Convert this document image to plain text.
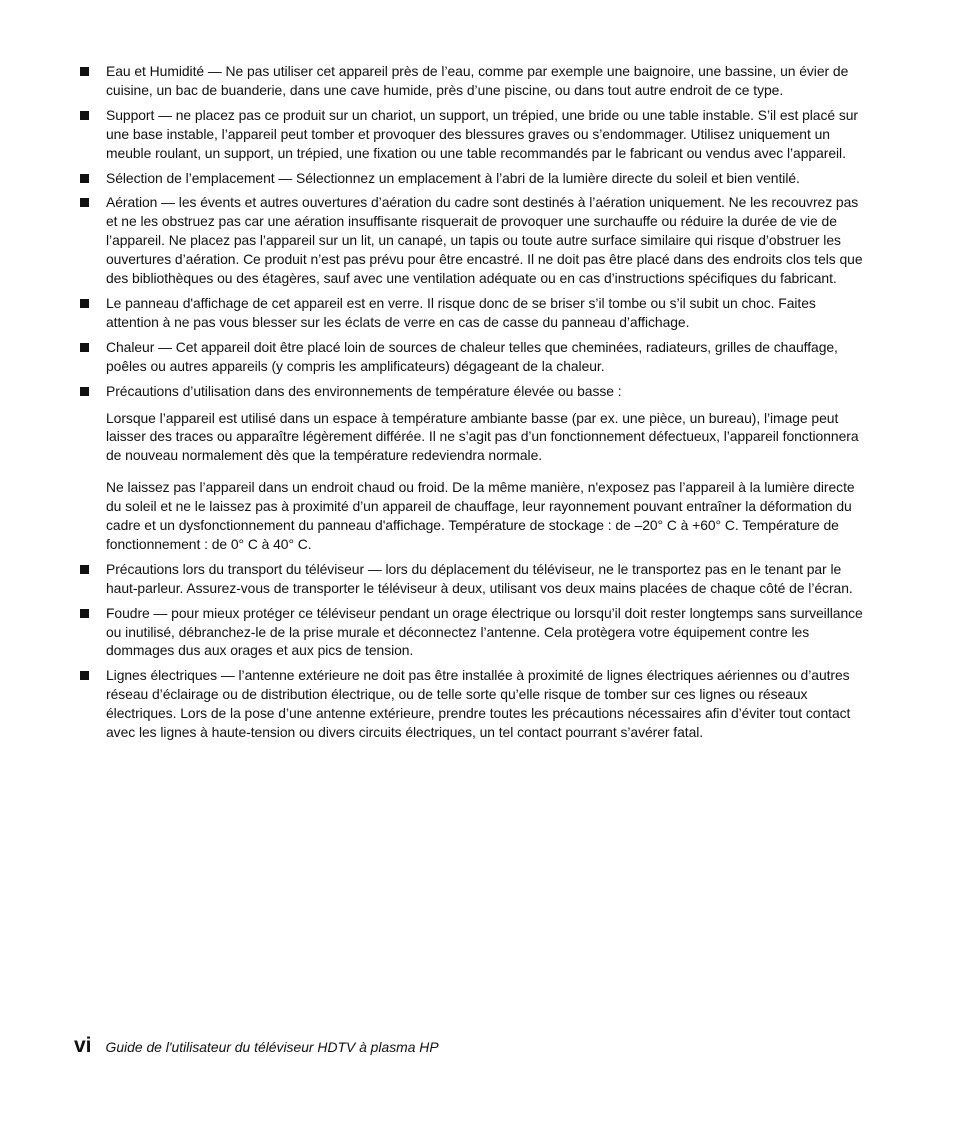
Eau et Humidité — Ne pas utiliser cet appareil près de l’eau, comme par exemple une baignoire, une bassine, un évier de cuisine, un bac de buanderie, dans une cave humide, près d’une piscine, ou dans tout autre endroit de ce type.

Support — ne placez pas ce produit sur un chariot, un support, un trépied, une bride ou une table instable. S’il est placé sur une base instable, l’appareil peut tomber et provoquer des blessures graves ou s’endommager. Utilisez uniquement un meuble roulant, un support, un trépied, une fixation ou une table recommandés par le fabricant ou vendus avec l’appareil.

Sélection de l’emplacement — Sélectionnez un emplacement à l’abri de la lumière directe du soleil et bien ventilé.

Aération — les évents et autres ouvertures d’aération du cadre sont destinés à l’aération uniquement. Ne les recouvrez pas et ne les obstruez pas car une aération insuffisante risquerait de provoquer une surchauffe ou réduire la durée de vie de l’appareil. Ne placez pas l’appareil sur un lit, un canapé, un tapis ou toute autre surface similaire qui risque d’obstruer les ouvertures d’aération. Ce produit n’est pas prévu pour être encastré. Il ne doit pas être placé dans des endroits clos tels que des bibliothèques ou des étagères, sauf avec une ventilation adéquate ou en cas d’instructions spécifiques du fabricant.

Le panneau d'affichage de cet appareil est en verre. Il risque donc de se briser s’il tombe ou s’il subit un choc. Faites attention à ne pas vous blesser sur les éclats de verre en cas de casse du panneau d’affichage.

Chaleur — Cet appareil doit être placé loin de sources de chaleur telles que cheminées, radiateurs, grilles de chauffage, poêles ou autres appareils (y compris les amplificateurs) dégageant de la chaleur.

Précautions d’utilisation dans des environnements de température élevée ou basse :

Lorsque l’appareil est utilisé dans un espace à température ambiante basse (par ex. une pièce, un bureau), l’image peut laisser des traces ou apparaître légèrement différée. Il ne s’agit pas d’un fonctionnement défectueux, l’appareil fonctionnera de nouveau normalement dès que la température redeviendra normale.

Ne laissez pas l’appareil dans un endroit chaud ou froid. De la même manière, n'exposez pas l’appareil à la lumière directe du soleil et ne le laissez pas à proximité d’un appareil de chauffage, leur rayonnement pouvant entraîner la déformation du cadre et un dysfonctionnement du panneau d'affichage. Température de stockage : de –20° C à +60° C. Température de fonctionnement : de 0° C à 40° C.

Précautions lors du transport du téléviseur — lors du déplacement du téléviseur, ne le transportez pas en le tenant par le haut-parleur. Assurez-vous de transporter le téléviseur à deux, utilisant vos deux mains placées de chaque côté de l’écran.

Foudre — pour mieux protéger ce téléviseur pendant un orage électrique ou lorsqu’il doit rester longtemps sans surveillance ou inutilisé, débranchez-le de la prise murale et déconnectez l’antenne. Cela protègera votre équipement contre les dommages dus aux orages et aux pics de tension.

Lignes électriques — l’antenne extérieure ne doit pas être installée à proximité de lignes électriques aériennes ou d’autres réseau d’éclairage ou de distribution électrique, ou de telle sorte qu’elle risque de tomber sur ces lignes ou réseaux électriques. Lors de la pose d’une antenne extérieure, prendre toutes les précautions nécessaires afin d’éviter tout contact avec les lignes à haute-tension ou divers circuits électriques, un tel contact pourrant s’avérer fatal.

vi Guide de l'utilisateur du téléviseur HDTV à plasma HP
